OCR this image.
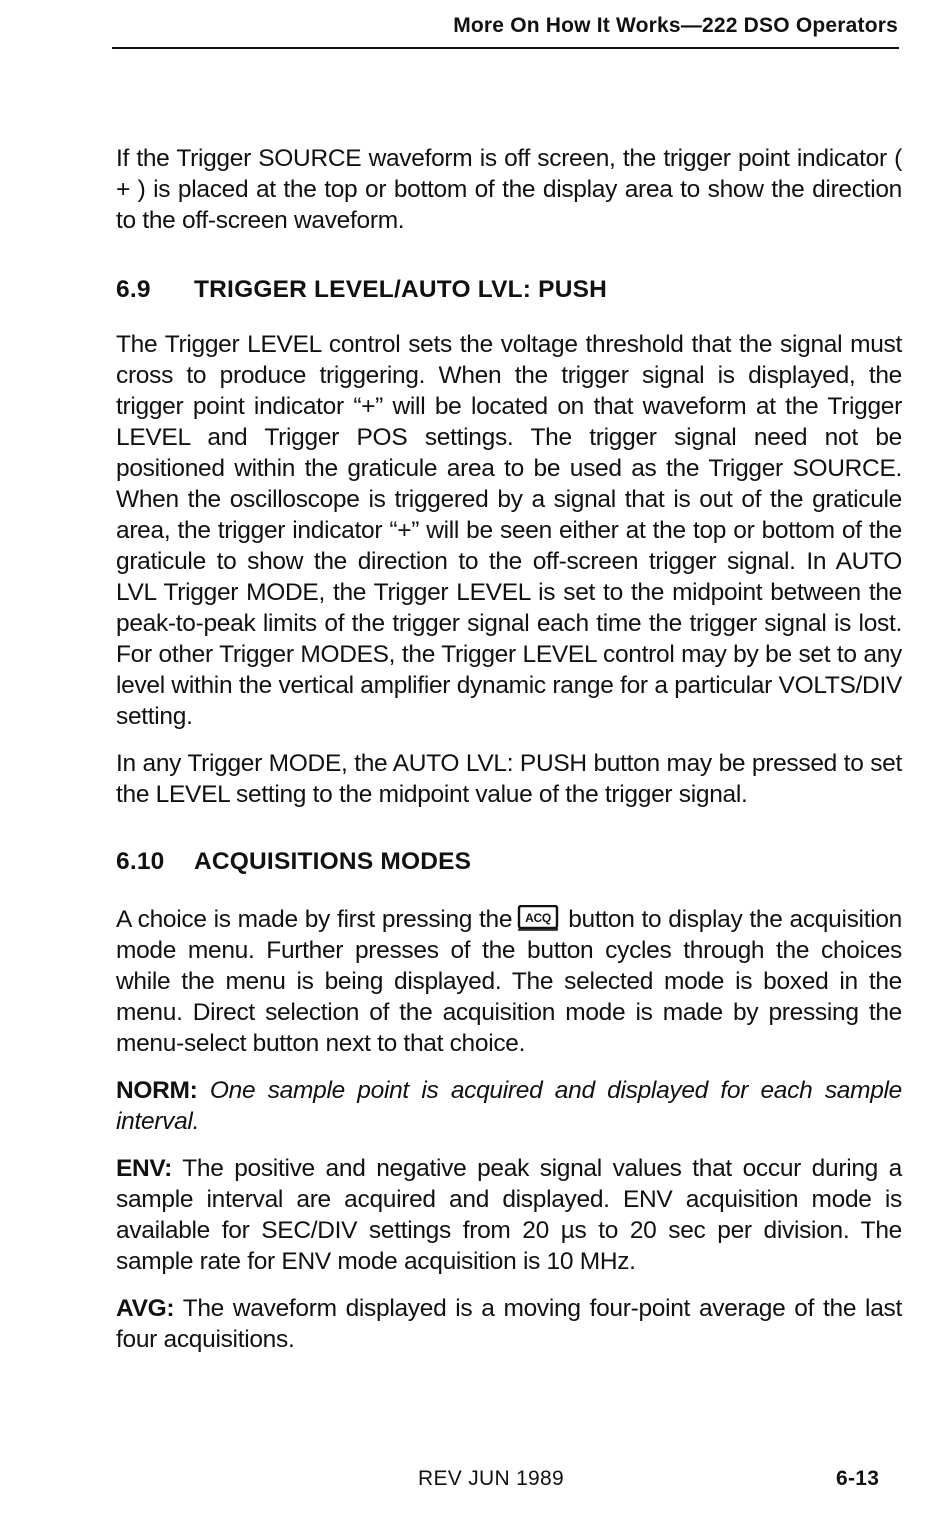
More On How It Works—222 DSO Operators

If the Trigger SOURCE waveform is off screen, the trigger point indicator ( + ) is placed at the top or bottom of the display area to show the direction to the off-screen waveform.

6.9	TRIGGER LEVEL/AUTO LVL: PUSH

The Trigger LEVEL control sets the voltage threshold that the signal must cross to produce triggering. When the trigger signal is displayed, the trigger point indicator “+” will be located on that waveform at the Trigger LEVEL and Trigger POS settings. The trigger signal need not be positioned within the graticule area to be used as the Trigger SOURCE. When the oscilloscope is triggered by a signal that is out of the graticule area, the trigger indicator “+” will be seen either at the top or bottom of the graticule to show the direction to the off-screen trigger signal. In AUTO LVL Trigger MODE, the Trigger LEVEL is set to the midpoint between the peak-to-peak limits of the trigger signal each time the trigger signal is lost. For other Trigger MODES, the Trigger LEVEL control may by be set to any level within the vertical amplifier dynamic range for a particular VOLTS/DIV setting.

In any Trigger MODE, the AUTO LVL: PUSH button may be pressed to set the LEVEL setting to the midpoint value of the trigger signal.

6.10	ACQUISITIONS MODES

A choice is made by first pressing the ACQ button to display the acquisition mode menu. Further presses of the button cycles through the choices while the menu is being displayed. The selected mode is boxed in the menu. Direct selection of the acquisition mode is made by pressing the menu-select button next to that choice.

NORM: One sample point is acquired and displayed for each sample interval.

ENV: The positive and negative peak signal values that occur during a sample interval are acquired and displayed. ENV acquisition mode is available for SEC/DIV settings from 20 µs to 20 sec per division. The sample rate for ENV mode acquisition is 10 MHz.

AVG: The waveform displayed is a moving four-point average of the last four acquisitions.

REV JUN 1989	6-13
